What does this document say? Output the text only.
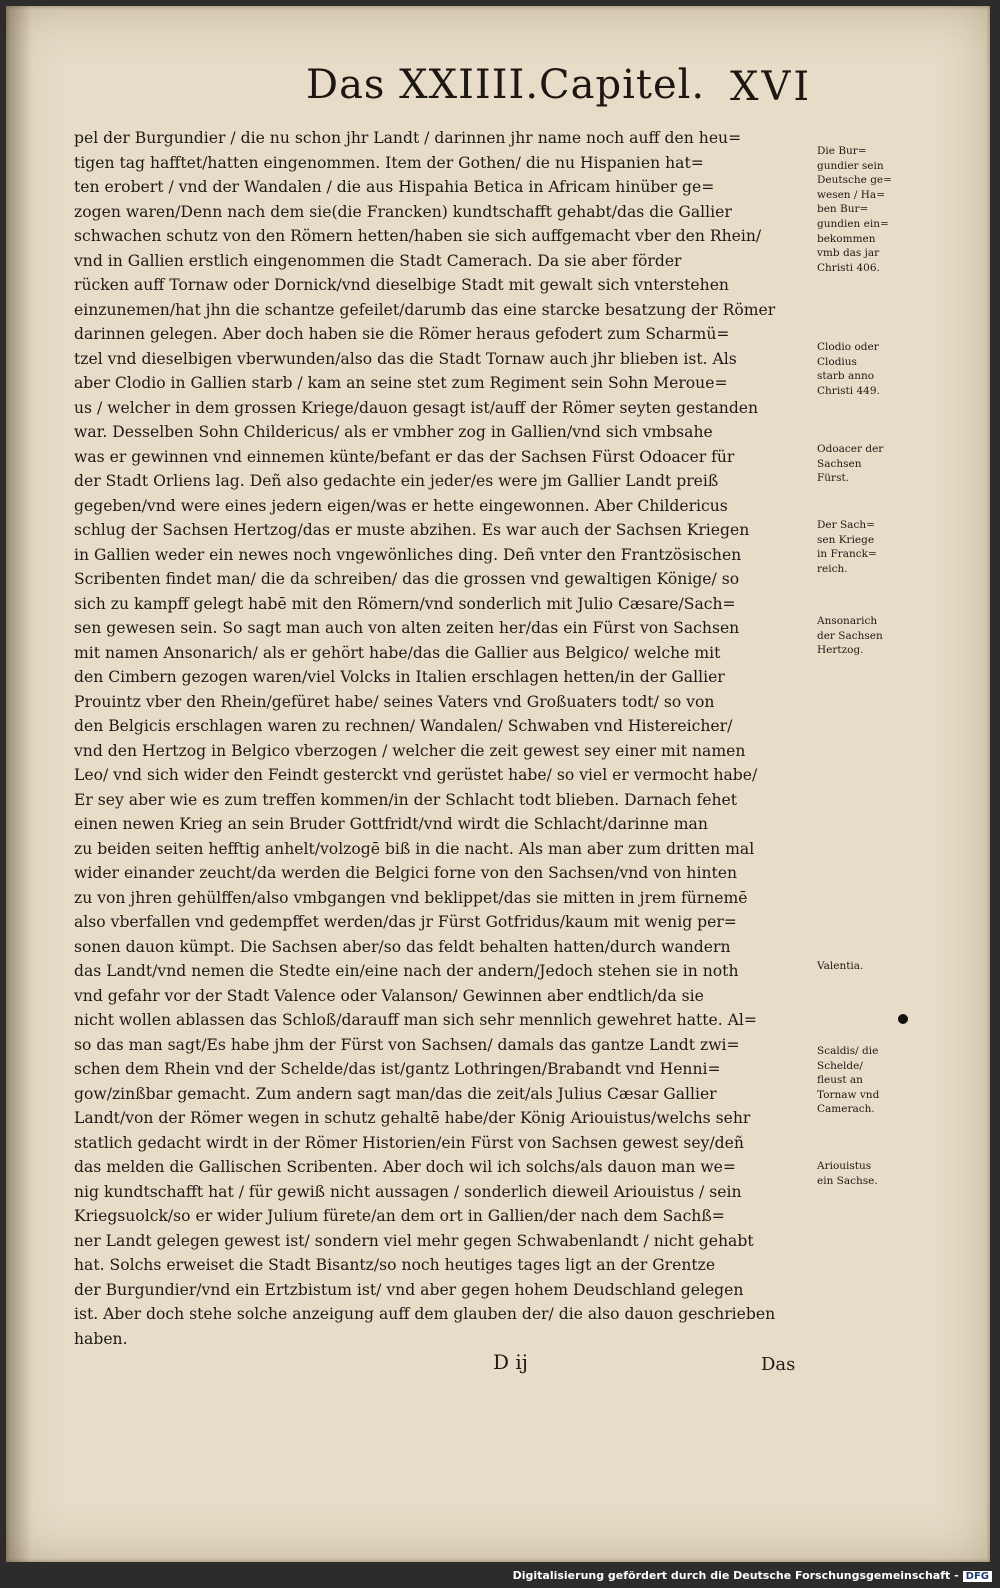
Das XXIIII.Capitel. XVI
pel der Burgundier / die nu schon jhr Landt / darinnen jhr name noch auff den heu=
tigen tag hafftet/hatten eingenommen. Item der Gothen/ die nu Hispanien hat=
ten erobert / vnd der Wandalen / die aus Hispahia Betica in Africam hinüber ge=
zogen waren/Denn nach dem sie(die Francken) kundtschafft gehabt/das die Gallier
schwachen schutz von den Römern hetten/haben sie sich auffgemacht vber den Rhein/
vnd in Gallien erstlich eingenommen die Stadt Camerach. Da sie aber förder
rücken auff Tornaw oder Dornick/vnd dieselbige Stadt mit gewalt sich vnterstehen
einzunemen/hat jhn die schantze gefeilet/darumb das eine starcke besatzung der Römer
darinnen gelegen. Aber doch haben sie die Römer heraus gefodert zum Scharmü=
tzel vnd dieselbigen vberwunden/also das die Stadt Tornaw auch jhr blieben ist. Als
aber Clodio in Gallien starb / kam an seine stet zum Regiment sein Sohn Meroue=
us / welcher in dem grossen Kriege/dauon gesagt ist/auff der Römer seyten gestanden
war. Desselben Sohn Childericus/ als er vmbher zog in Gallien/vnd sich vmbsahe
was er gewinnen vnd einnemen künte/befant er das der Sachsen Fürst Odoacer für
der Stadt Orliens lag. Deñ also gedachte ein jeder/es were jm Gallier Landt preiß
gegeben/vnd were eines jedern eigen/was er hette eingewonnen. Aber Childericus
schlug der Sachsen Hertzog/das er muste abzihen. Es war auch der Sachsen Kriegen
in Gallien weder ein newes noch vngewönliches ding. Deñ vnter den Frantzösischen
Scribenten findet man/ die da schreiben/ das die grossen vnd gewaltigen Könige/ so
sich zu kampff gelegt habē mit den Römern/vnd sonderlich mit Julio Cæsare/Sach=
sen gewesen sein. So sagt man auch von alten zeiten her/das ein Fürst von Sachsen
mit namen Ansonarich/ als er gehört habe/das die Gallier aus Belgico/ welche mit
den Cimbern gezogen waren/viel Volcks in Italien erschlagen hetten/in der Gallier
Prouintz vber den Rhein/gefüret habe/ seines Vaters vnd Großuaters todt/ so von
den Belgicis erschlagen waren zu rechnen/ Wandalen/ Schwaben vnd Histereicher/
vnd den Hertzog in Belgico vberzogen / welcher die zeit gewest sey einer mit namen
Leo/ vnd sich wider den Feindt gesterckt vnd gerüstet habe/ so viel er vermocht habe/
Er sey aber wie es zum treffen kommen/in der Schlacht todt blieben. Darnach fehet
einen newen Krieg an sein Bruder Gottfridt/vnd wirdt die Schlacht/darinne man
zu beiden seiten hefftig anhelt/volzogē biß in die nacht. Als man aber zum dritten mal
wider einander zeucht/da werden die Belgici forne von den Sachsen/vnd von hinten
zu von jhren gehülffen/also vmbgangen vnd beklippet/das sie mitten in jrem fürnemē
also vberfallen vnd gedempffet werden/das jr Fürst Gotfridus/kaum mit wenig per=
sonen dauon kümpt. Die Sachsen aber/so das feldt behalten hatten/durch wandern
das Landt/vnd nemen die Stedte ein/eine nach der andern/Jedoch stehen sie in noth
vnd gefahr vor der Stadt Valence oder Valanson/ Gewinnen aber endtlich/da sie
nicht wollen ablassen das Schloß/darauff man sich sehr mennlich gewehret hatte. Al=
so das man sagt/Es habe jhm der Fürst von Sachsen/ damals das gantze Landt zwi=
schen dem Rhein vnd der Schelde/das ist/gantz Lothringen/Brabandt vnd Henni=
gow/zinßbar gemacht. Zum andern sagt man/das die zeit/als Julius Cæsar Gallier
Landt/von der Römer wegen in schutz gehaltē habe/der König Ariouistus/welchs sehr
statlich gedacht wirdt in der Römer Historien/ein Fürst von Sachsen gewest sey/deñ
das melden die Gallischen Scribenten. Aber doch wil ich solchs/als dauon man we=
nig kundtschafft hat / für gewiß nicht aussagen / sonderlich dieweil Ariouistus / sein
Kriegsuolck/so er wider Julium fürete/an dem ort in Gallien/der nach dem Sachß=
ner Landt gelegen gewest ist/ sondern viel mehr gegen Schwabenlandt / nicht gehabt
hat. Solchs erweiset die Stadt Bisantz/so noch heutiges tages ligt an der Grentze
der Burgundier/vnd ein Ertzbistum ist/ vnd aber gegen hohem Deudschland gelegen
ist. Aber doch stehe solche anzeigung auff dem glauben der/ die also dauon geschrieben
haben.
Die Bur=
gundier sein
Deutsche ge=
wesen / Ha=
ben Bur=
gundien ein=
bekommen
vmb das jar
Christi 406.
Clodio oder
Clodius
starb anno
Christi 449.
Odoacer der
Sachsen
Fürst.
Der Sach=
sen Kriege
in Franck=
reich.
Ansonarich
der Sachsen
Hertzog.
Valentia.
Scaldis/ die
Schelde/
fleust an
Tornaw vnd
Camerach.
Ariouistus
ein Sachse.
D ij	Das
Digitalisierung gefördert durch die Deutsche Forschungsgemeinschaft - DFG
